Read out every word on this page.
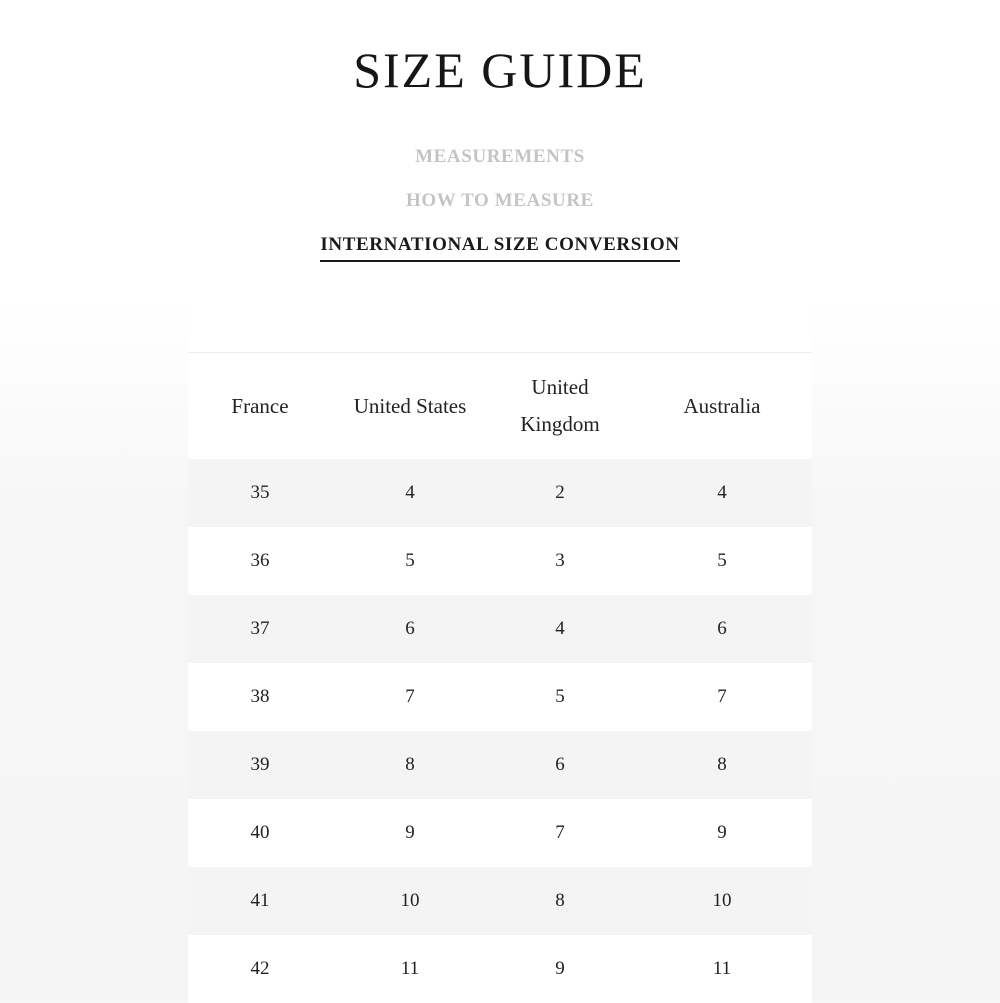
SIZE GUIDE
MEASUREMENTS
HOW TO MEASURE
INTERNATIONAL SIZE CONVERSION
France	United States	United Kingdom	Australia
35	4	2	4
36	5	3	5
37	6	4	6
38	7	5	7
39	8	6	8
40	9	7	9
41	10	8	10
42	11	9	11
